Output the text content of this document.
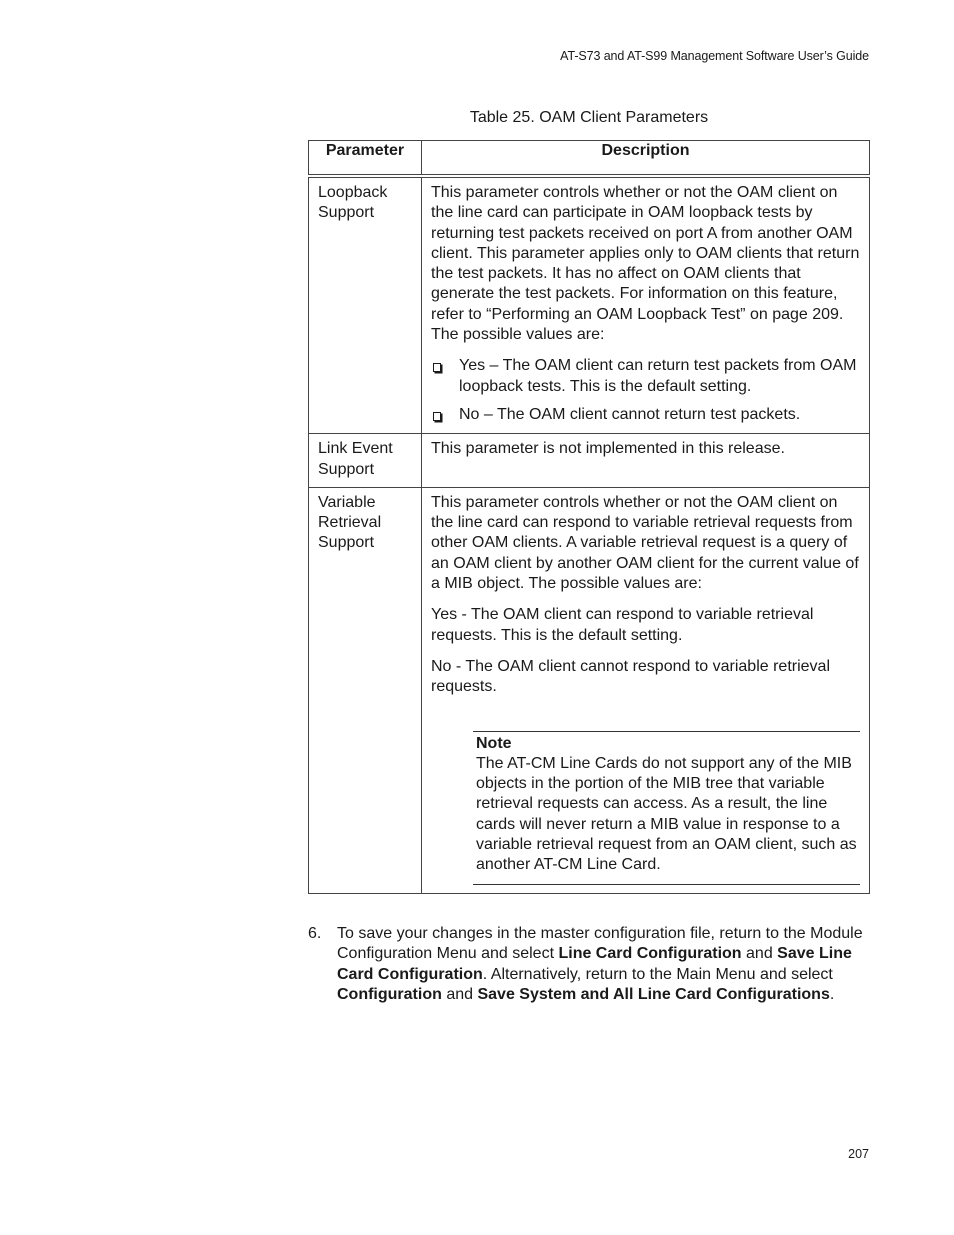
AT-S73 and AT-S99 Management Software User’s Guide
Table 25. OAM Client Parameters
Parameter	Description
Loopback Support	This parameter controls whether or not the OAM client on the line card can participate in OAM loopback tests by returning test packets received on port A from another OAM client. This parameter applies only to OAM clients that return the test packets. It has no affect on OAM clients that generate the test packets. For information on this feature, refer to “Performing an OAM Loopback Test” on page 209. The possible values are:

Yes – The OAM client can return test packets from OAM loopback tests. This is the default setting.
No – The OAM client cannot return test packets.

Link Event Support	This parameter is not implemented in this release.

Variable Retrieval Support	This parameter controls whether or not the OAM client on the line card can respond to variable retrieval requests from other OAM clients. A variable retrieval request is a query of an OAM client by another OAM client for the current value of a MIB object. The possible values are:

Yes - The OAM client can respond to variable retrieval requests. This is the default setting.

No - The OAM client cannot respond to variable retrieval requests.

Note
The AT-CM Line Cards do not support any of the MIB objects in the portion of the MIB tree that variable retrieval requests can access. As a result, the line cards will never return a MIB value in response to a variable retrieval request from an OAM client, such as another AT-CM Line Card.
6. To save your changes in the master configuration file, return to the Module Configuration Menu and select Line Card Configuration and Save Line Card Configuration. Alternatively, return to the Main Menu and select Configuration and Save System and All Line Card Configurations.
207
